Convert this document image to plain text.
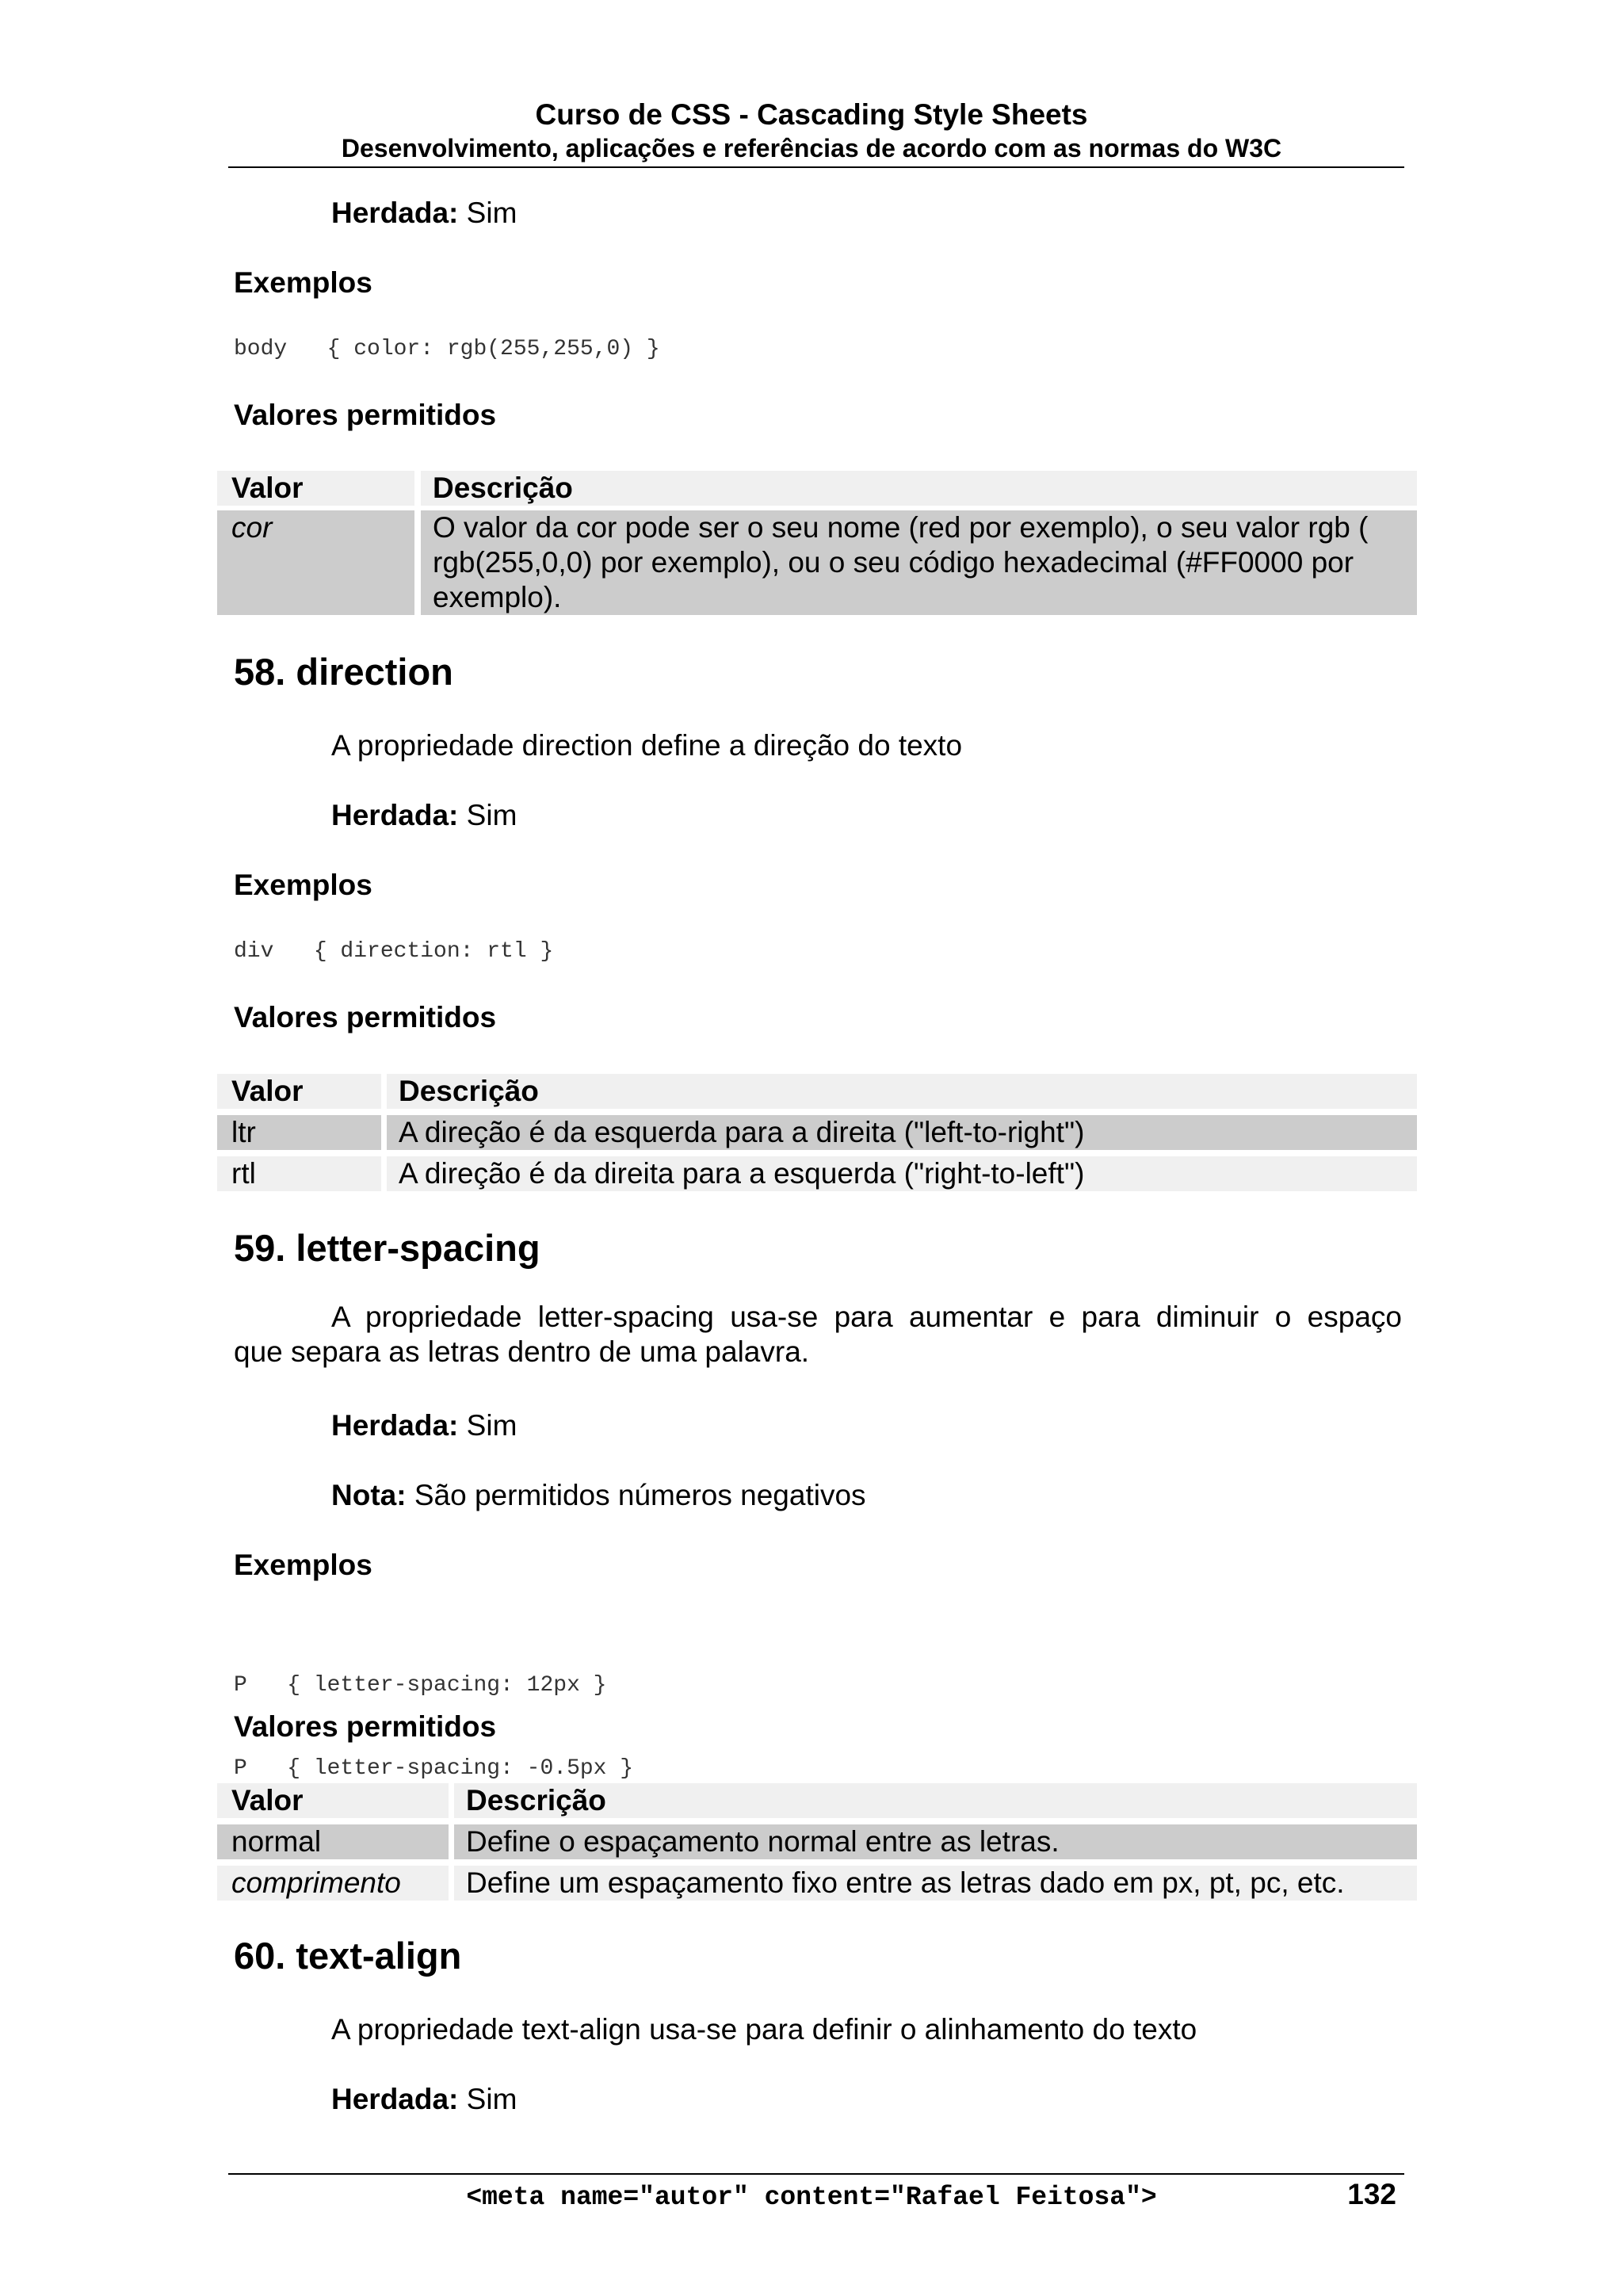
Curso de CSS - Cascading Style Sheets
Desenvolvimento, aplicações e referências de acordo com as normas do W3C
Herdada: Sim
Exemplos
body   { color: rgb(255,255,0) }
Valores permitidos
Valor	Descrição
cor	O valor da cor pode ser o seu nome (red por exemplo), o seu valor rgb (
rgb(255,0,0) por exemplo), ou o seu código hexadecimal (#FF0000 por
exemplo).
58. direction
A propriedade direction define a direção do texto
Herdada: Sim
Exemplos
div   { direction: rtl }
Valores permitidos
Valor	Descrição
ltr	A direção é da esquerda para a direita ("left-to-right")
rtl	A direção é da direita para a esquerda ("right-to-left")
59. letter-spacing
A propriedade letter-spacing usa-se para aumentar e para diminuir o espaço
que separa as letras dentro de uma palavra.
Herdada: Sim
Nota: São permitidos números negativos
Exemplos

P   { letter-spacing: 12px }

P   { letter-spacing: -0.5px }

Valores permitidos
Valor	Descrição
normal	Define o espaçamento normal entre as letras.
comprimento	Define um espaçamento fixo entre as letras dado em px, pt, pc, etc.
60. text-align
A propriedade text-align usa-se para definir o alinhamento do texto
Herdada: Sim
<meta name="autor" content="Rafael Feitosa">	132
